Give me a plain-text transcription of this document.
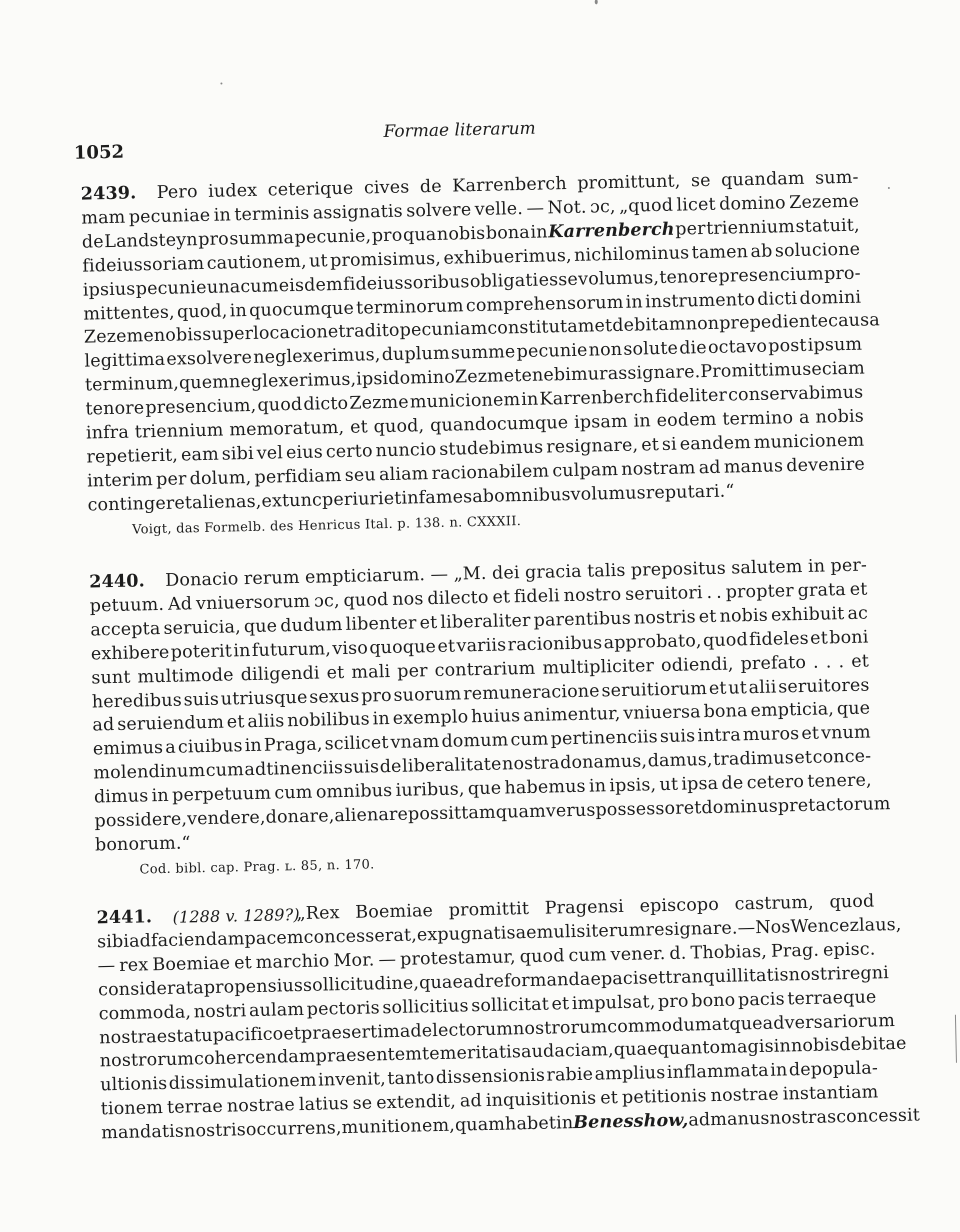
1052
Formae literarum
Pero iudex ceterique cives de Karrenberch promittunt, se quandam sum-
2439.
mam pecuniae in terminis assignatis solvere velle. — Not. ɔc, „quod licet domino Zezeme
de Landsteyn pro summa pecunie, pro qua nobis bona in Karrenberch per triennium statuit,
fideiussoriam cautionem, ut promisimus, exhibuerimus, nichilominus tamen ab solucione
ipsius pecunie unacum eisdem fideiussoribus obligati esse volumus, tenore presencium pro-
mittentes, quod, in quocumque terminorum comprehensorum in instrumento dicti domini
Zezeme nobis super locacione tradito pecuniam constitutam et debitam non prepediente causa
legittima exsolvere neglexerimus, duplum summe pecunie non solute die octavo post ipsum
terminum, quem neglexerimus, ipsi domino Zezme tenebimur assignare. Promittimus eciam
tenore presencium, quod dicto Zezme municionem in Karrenberch fideliter conservabimus
infra triennium memoratum, et quod, quandocumque ipsam in eodem termino a nobis
repetierit, eam sibi vel eius certo nuncio studebimus resignare, et si eandem municionem
interim per dolum, perfidiam seu aliam racionabilem culpam nostram ad manus devenire
contingeretalienas,extuncperiurietinfamesabomnibusvolumusreputari.“
Voigt, das Formelb. des Henricus Ital. p. 138. n. CXXXII.
Donacio rerum empticiarum. — „M. dei gracia talis prepositus salutem in per-
2440.
petuum. Ad vniuersorum ɔc, quod nos dilecto et fideli nostro seruitori . . propter grata et
accepta seruicia, que dudum libenter et liberaliter parentibus nostris et nobis exhibuit ac
exhibere poterit in futurum, viso quoque et variis racionibus approbato, quod fideles et boni
sunt multimode diligendi et mali per contrarium multipliciter odiendi, prefato . . . et
heredibus suis utriusque sexus pro suorum remuneracione seruitiorum et ut alii seruitores
ad seruiendum et aliis nobilibus in exemplo huius animentur, vniuersa bona empticia, que
emimus a ciuibus in Praga, scilicet vnam domum cum pertinenciis suis intra muros et vnum
molendinum cum adtinenciis suis de liberalitate nostra donamus, damus, tradimus et conce-
dimus in perpetuum cum omnibus iuribus, que habemus in ipsis, ut ipsa de cetero tenere,
possidere, vendere, donare, alienare possit tamquam verus possessor et dominus pretactorum
bonorum.“
Cod. bibl. cap. Prag. ʟ. 85, n. 170.
„Rex Boemiae promittit Pragensi episcopo castrum, quod
2441. (1288 v. 1289?)
sibi ad faciendam pacem concesserat, expugnatis aemulis iterum resignare. — Nos Wencezlaus,
— rex Boemiae et marchio Mor. — protestamur, quod cum vener. d. Thobias, Prag. episc.
considerata propensius sollicitudine, quae ad reformandae pacis et tranquillitatis nostri regni
commoda, nostri aulam pectoris sollicitius sollicitat et impulsat, pro bono pacis terraeque
nostrae statu pacifico et praesertim ad electorum nostrorum commodum atque adversariorum
nostrorum cohercendam praesentem temeritatis audaciam, quae quanto magis in nobis debitae
ultionis dissimulationem invenit, tanto dissensionis rabie amplius inflammata in depopula-
tionem terrae nostrae latius se extendit, ad inquisitionis et petitionis nostrae instantiam
mandatis nostris occurrens, munitionem, quam habet in Benesshow, ad manus nostras concessit
